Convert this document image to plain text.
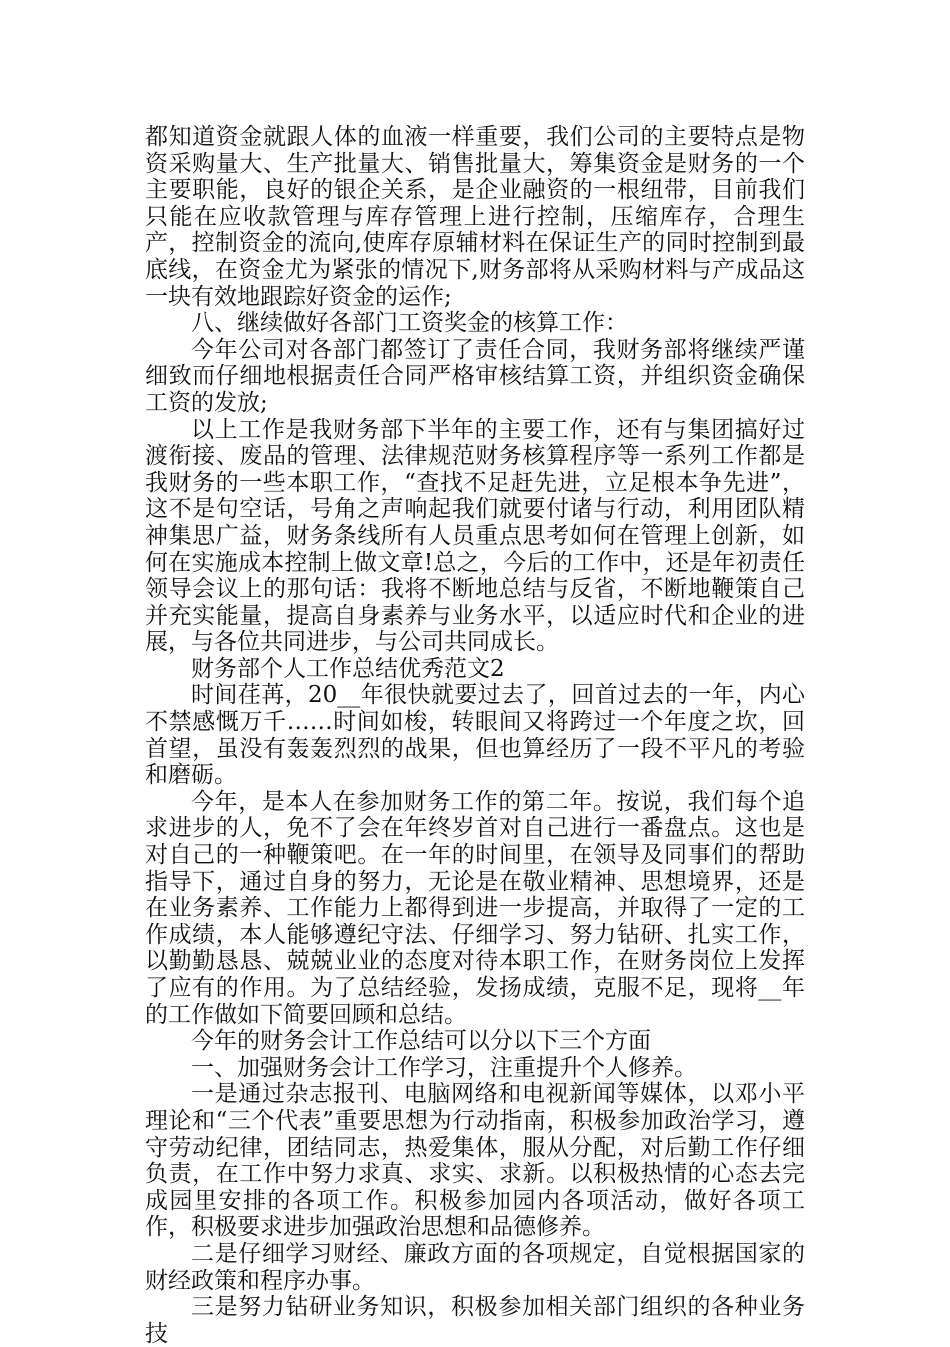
都知道资金就跟人体的血液一样重要，我们公司的主要特点是物资采购量大、生产批量大、销售批量大，筹集资金是财务的一个主要职能，良好的银企关系，是企业融资的一根纽带，目前我们只能在应收款管理与库存管理上进行控制，压缩库存，合理生产，控制资金的流向,使库存原辅材料在保证生产的同时控制到最底线，在资金尤为紧张的情况下,财务部将从采购材料与产成品这一块有效地跟踪好资金的运作;

八、继续做好各部门工资奖金的核算工作：

今年公司对各部门都签订了责任合同，我财务部将继续严谨细致而仔细地根据责任合同严格审核结算工资，并组织资金确保工资的发放;

以上工作是我财务部下半年的主要工作，还有与集团搞好过渡衔接、废品的管理、法律规范财务核算程序等一系列工作都是我财务的一些本职工作，“查找不足赶先进，立足根本争先进”，这不是句空话，号角之声响起我们就要付诸与行动，利用团队精神集思广益，财务条线所有人员重点思考如何在管理上创新，如何在实施成本控制上做文章!总之，今后的工作中，还是年初责任领导会议上的那句话：我将不断地总结与反省，不断地鞭策自己并充实能量，提高自身素养与业务水平，以适应时代和企业的进展，与各位共同进步，与公司共同成长。

财务部个人工作总结优秀范文2

时间荏苒，20__年很快就要过去了，回首过去的一年，内心不禁感慨万千……时间如梭，转眼间又将跨过一个年度之坎，回首望，虽没有轰轰烈烈的战果，但也算经历了一段不平凡的考验和磨砺。

今年，是本人在参加财务工作的第二年。按说，我们每个追求进步的人，免不了会在年终岁首对自己进行一番盘点。这也是对自己的一种鞭策吧。在一年的时间里，在领导及同事们的帮助指导下，通过自身的努力，无论是在敬业精神、思想境界，还是在业务素养、工作能力上都得到进一步提高，并取得了一定的工作成绩，本人能够遵纪守法、仔细学习、努力钻研、扎实工作，以勤勤恳恳、兢兢业业的态度对待本职工作，在财务岗位上发挥了应有的作用。为了总结经验，发扬成绩，克服不足，现将__年的工作做如下简要回顾和总结。

今年的财务会计工作总结可以分以下三个方面

一、加强财务会计工作学习，注重提升个人修养。

一是通过杂志报刊、电脑网络和电视新闻等媒体，以邓小平理论和“三个代表”重要思想为行动指南，积极参加政治学习，遵守劳动纪律，团结同志，热爱集体，服从分配，对后勤工作仔细负责，在工作中努力求真、求实、求新。以积极热情的心态去完成园里安排的各项工作。积极参加园内各项活动，做好各项工作，积极要求进步加强政治思想和品德修养。

二是仔细学习财经、廉政方面的各项规定，自觉根据国家的财经政策和程序办事。

三是努力钻研业务知识，积极参加相关部门组织的各种业务技
